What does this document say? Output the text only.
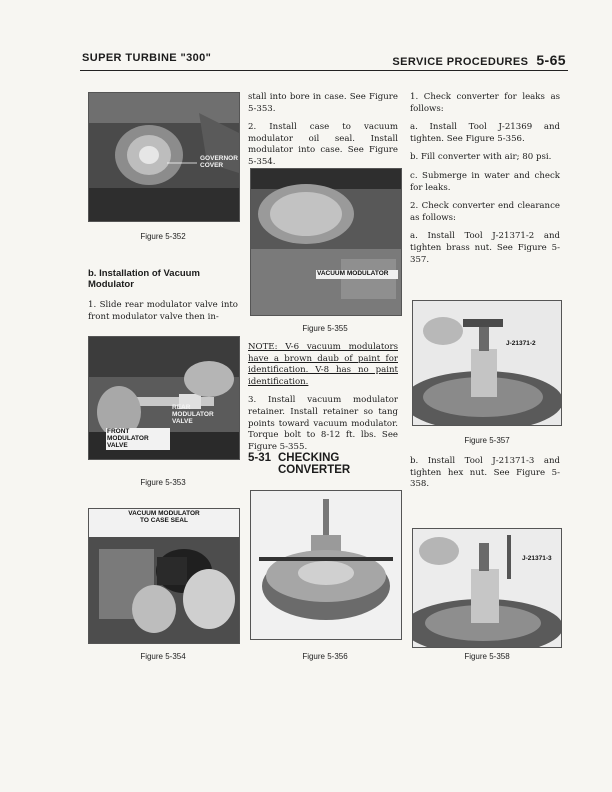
SUPER TURBINE "300"	SERVICE PROCEDURES 5-65
GOVERNOR COVER
Figure 5-352
b. Installation of Vacuum Modulator

1. Slide rear modulator valve into front modulator valve then in-

REAR MODULATOR VALVE
FRONT MODULATOR VALVE
Figure 5-353
VACUUM MODULATOR TO CASE SEAL
Figure 5-354

stall into bore in case. See Figure 5-353.

2. Install case to vacuum modulator oil seal. Install modulator into case. See Figure 5-354.

VACUUM MODULATOR
Figure 5-355

NOTE: V-6 vacuum modulators have a brown daub of paint for identification. V-8 has no paint identification.

3. Install vacuum modulator retainer. Install retainer so tang points toward vacuum modulator. Torque bolt to 8-12 ft. lbs. See Figure 5-355.

5-31 CHECKING CONVERTER
Figure 5-356

1. Check converter for leaks as follows:

a. Install Tool J-21369 and tighten. See Figure 5-356.

b. Fill converter with air; 80 psi.

c. Submerge in water and check for leaks.

2. Check converter end clearance as follows:

a. Install Tool J-21371-2 and tighten brass nut. See Figure 5-357.

J-21371-2
Figure 5-357

b. Install Tool J-21371-3 and tighten hex nut. See Figure 5-358.

J-21371-3
Figure 5-358
